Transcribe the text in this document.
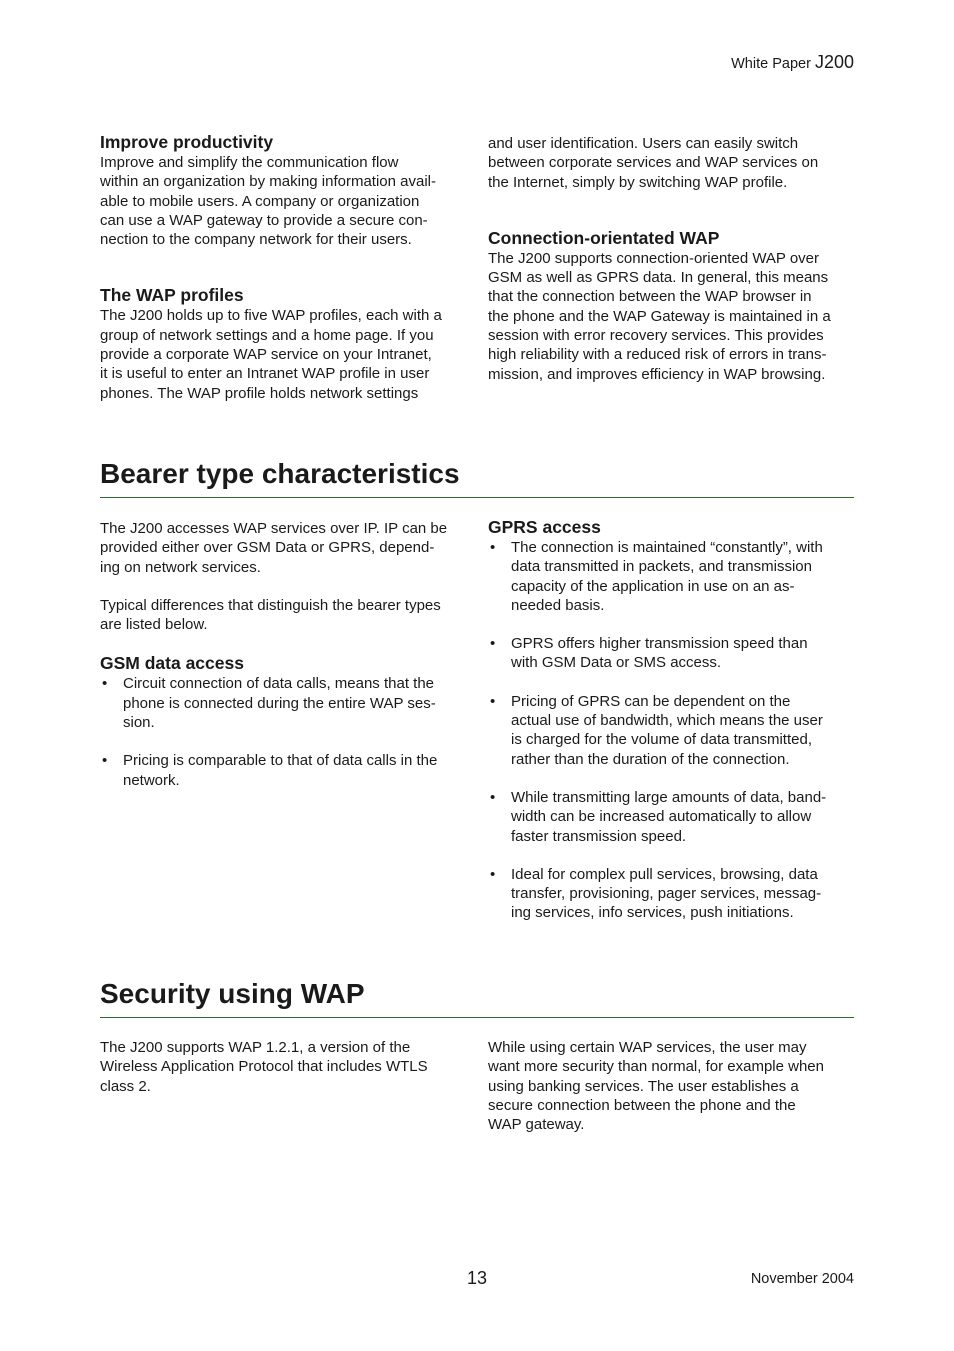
White Paper J200
Improve productivity

Improve and simplify the communication flow
within an organization by making information avail-
able to mobile users. A company or organization
can use a WAP gateway to provide a secure con-
nection to the company network for their users.

The WAP profiles

The J200 holds up to five WAP profiles, each with a
group of network settings and a home page. If you
provide a corporate WAP service on your Intranet,
it is useful to enter an Intranet WAP profile in user
phones. The WAP profile holds network settings

and user identification. Users can easily switch
between corporate services and WAP services on
the Internet, simply by switching WAP profile.

Connection-orientated WAP

The J200 supports connection-oriented WAP over
GSM as well as GPRS data. In general, this means
that the connection between the WAP browser in
the phone and the WAP Gateway is maintained in a
session with error recovery services. This provides
high reliability with a reduced risk of errors in trans-
mission, and improves efficiency in WAP browsing.

Bearer type characteristics

The J200 accesses WAP services over IP. IP can be
provided either over GSM Data or GPRS, depend-
ing on network services.

Typical differences that distinguish the bearer types
are listed below.

GSM data access
• Circuit connection of data calls, means that the
phone is connected during the entire WAP ses-
sion.
• Pricing is comparable to that of data calls in the
network.
GPRS access
• The connection is maintained “constantly”, with
data transmitted in packets, and transmission
capacity of the application in use on an as-
needed basis.
• GPRS offers higher transmission speed than
with GSM Data or SMS access.
• Pricing of GPRS can be dependent on the
actual use of bandwidth, which means the user
is charged for the volume of data transmitted,
rather than the duration of the connection.
• While transmitting large amounts of data, band-
width can be increased automatically to allow
faster transmission speed.
• Ideal for complex pull services, browsing, data
transfer, provisioning, pager services, messag-
ing services, info services, push initiations.
Security using WAP

The J200 supports WAP 1.2.1, a version of the
Wireless Application Protocol that includes WTLS
class 2.

While using certain WAP services, the user may
want more security than normal, for example when
using banking services. The user establishes a
secure connection between the phone and the
WAP gateway.

13	November 2004
